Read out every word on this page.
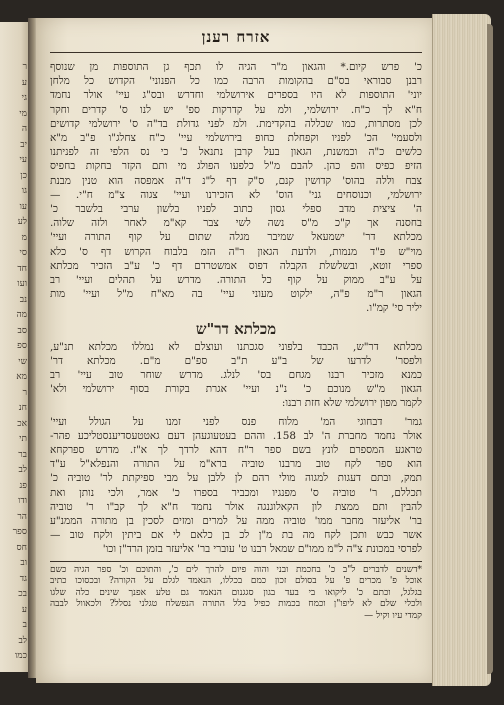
ר
ע
גי
מי
ה
יב
עי
כן
גו
עו
לע
מ
סי
חד
ועו
נב
מה
סב
ספ
שי
מא
ר
חנ
אכ
תי
בר
לב
פנ
ודו
הר
ספר
חס
וב
גד
בכ
ע
ב
לב
כמו
אזרח רענן
כ' פרש קיום.* והגאון מ"ר הגיה לו תכף גן התוספות מן שנוסף
רבנן סבוראי בס"ם בהקומות הרבה כמו כל הפנוני' הקדוש כל מלחן
יוני' התוספות לא היו בספרים אירושלמי וחדרש ובס"ג עיי' אולר נחמד
ח"א לך כ"ח. ירושלמי, ולמ על קדרקות ספ' יש לנו ס' קדרים וחקר
לכן מסתרות, כמו שכללה בהקדימת. ולמ לפני גדולת בד"ה ס' ירושלמי קדושים
ולסעמי' הכ' לפניו וקפחלת כחופ בירושלמי עיי' כ"ח צחלג"ו פ"ב מ"א
כלשים כ"ה וכמשנת, הגאון בעל קרבן נתנאל כ' כי נס הלפי זה לפניתנו
הזיפ כפיס והפ כהן. להבם מ"ל כלפעו הפולג מי ותם הקזר בחקות בחפיס
צבח וללה בהוס' קדושין קנם, ס"ק דף ל"נ ד"ה אמפסה הוא טנין מבנת
ירושלמי, וכנוסחים גני' הוס' לא הזכירנו ועיי' צגוה צ"מ ח"י. —
ה' ציצית מדב ספלי גסון כתוב לפניו בלשון ערבי בלשבר כ'
בחסנה אך ק"כ מ"ס נשה לשי צבר קא"מ לאחר ולזה שלוה.
מכלתא דר' ישמעאל שמיבר מגלה שתום על קוף התורה ועיי'
מוי"ש פ"ד מנמות, ולדעת הגאון ר"ה הזמ בלבוח הקרוש דף ס' כלא
ספרי זוטא, ובשלשלת הקבלה דפוס אמשטרדם דף כ' ע"ב הזכיר מכלתא
על ע"ב ממוק על קוף כל התורה. מדרש על תהלים ועיי' רב
הגאון ר"מ פ"ה, ילקוט מעוני עיי' בה מא"ח מ"ל ועיי' מות
יליר סי' קמ"ו.
מכלתא דר"ש
מכלתא דר"ש, הכבד בלפוני סגכתנו ועוצלם לא נמללו מכלתא תנ"ע,
ולפסר' לדרעו של ב"ע ת"ב ספ"ם מ"ם. מכלתא דר'
כמנא מזכיר רבנו מגחם בס' לנלג. מדרש שוחר טוב עיי' רב
הגאון מ"ש מנוכם כ' נ"נ ועיי' אגרת בקורת בסוף ירושלמי ולא'
לקמר מפון ירושלמי שלא חזת רבנו:
גמר' דבחוגי המ' מלוח פנס לפני זמנו על הגולל ועיי'
אולר נחמד מחברת ה' לב 158. וההם בעטעוגעהן דעם גאטטעסדיענסטליכע פהר-
טראגע המספרם לונץ בשם ספר ר"ח דהא לרדך לך א"ז. מדרש ספרקחא
הוא ספר לקח טוב מרבנו טוביה ברא"מ על התורה והנפלא"ל ע"ד
תמק, ובתם דעגות למגוה מולי רהם לן ללבן על מבי ספיקתת לר' טוביה כ'
תכללם, ר' טוביה ס' מפנגיו ומכביר בספרו כ' אמר, ולכי נותן ואת
להבין ותם ממצת לון הקאלוגנגה אולר נחמד ח"א לך קב"ו ר' טוביה
בר' אליעזר מחבר ממו' טוביה ממה על למרים ומזים לסכין בן מתורה הממנ"ע
אשר כבש ותכן לקח מה בת מ"ן לכ בן כלאם לי אם ביתין ולקח טוב —
לפרסי במכונת צ"ה ל"מ ממו"ם שמאל רבנו ט' עוברי בר' אליעזר בזמן הרד"ן וכו'
*דשנים לדברים ל"ב כ' בחכמת ובני והוה פיום להרך לים כ', והתוכם וכ' ספר הגיה כשם
אוכל פ' מכרים פ' על בסולם זכון כמם בכללו, הנאמד לגלם על הקורה? ובכסוכו כתיב
בגלגל, וכתם כ' ליקואו בי בעד בגון סגגנום הנאמד גם טלע אפנך שינים כלה שלגו
ולכלי שלם לא ליפו"ן וכמח בכמות כפיל בלל התורה הנפשלח טגלני נסלל? ולכאוול לבבה
קמדי עיו וקיל —
